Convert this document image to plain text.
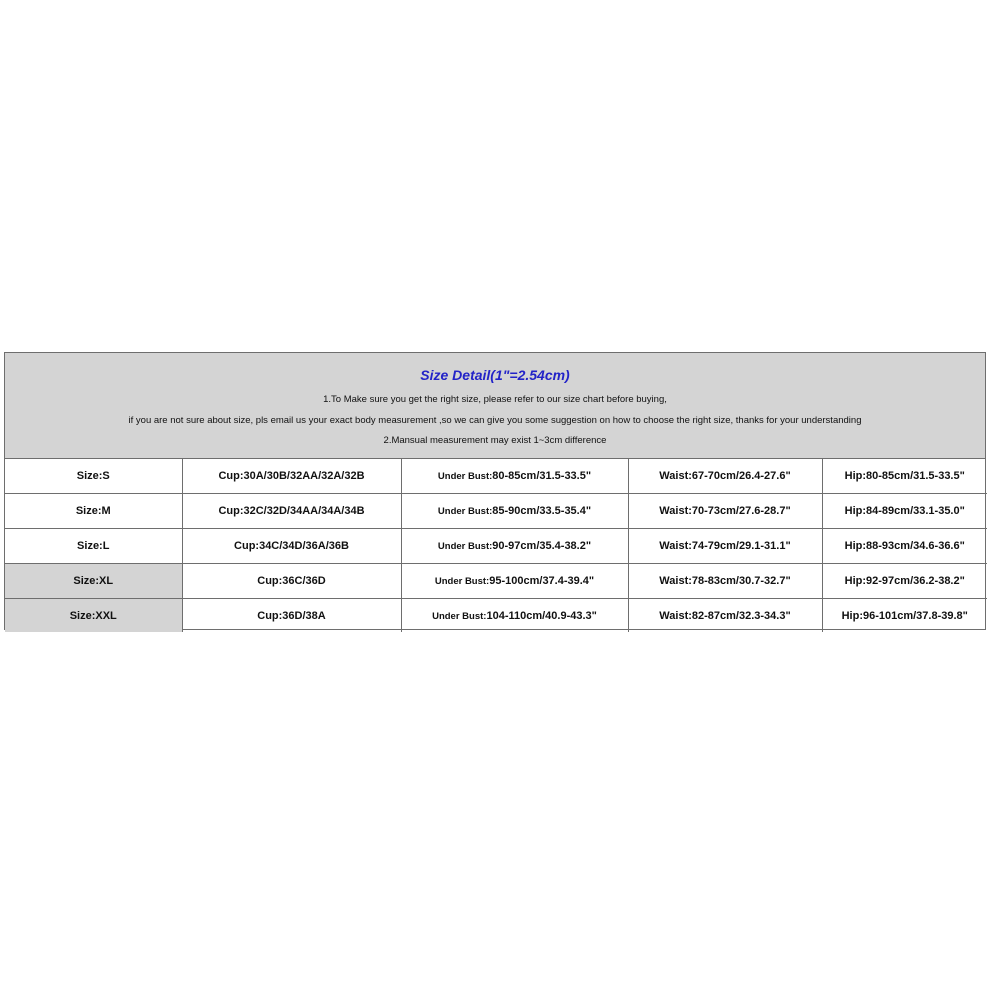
Size Detail(1"=2.54cm)
1.To Make sure you get the right size, please refer to our size chart before buying,
if you are not sure about size, pls email us your exact body measurement ,so we can give you some suggestion on how to choose the right size, thanks for your understanding
2.Mansual measurement may exist 1~3cm difference
Size:S	Cup:30A/30B/32AA/32A/32B	Under Bust:80-85cm/31.5-33.5"	Waist:67-70cm/26.4-27.6"	Hip:80-85cm/31.5-33.5"
Size:M	Cup:32C/32D/34AA/34A/34B	Under Bust:85-90cm/33.5-35.4"	Waist:70-73cm/27.6-28.7"	Hip:84-89cm/33.1-35.0"
Size:L	Cup:34C/34D/36A/36B	Under Bust:90-97cm/35.4-38.2"	Waist:74-79cm/29.1-31.1"	Hip:88-93cm/34.6-36.6"
Size:XL	Cup:36C/36D	Under Bust:95-100cm/37.4-39.4"	Waist:78-83cm/30.7-32.7"	Hip:92-97cm/36.2-38.2"
Size:XXL	Cup:36D/38A	Under Bust:104-110cm/40.9-43.3"	Waist:82-87cm/32.3-34.3"	Hip:96-101cm/37.8-39.8"
